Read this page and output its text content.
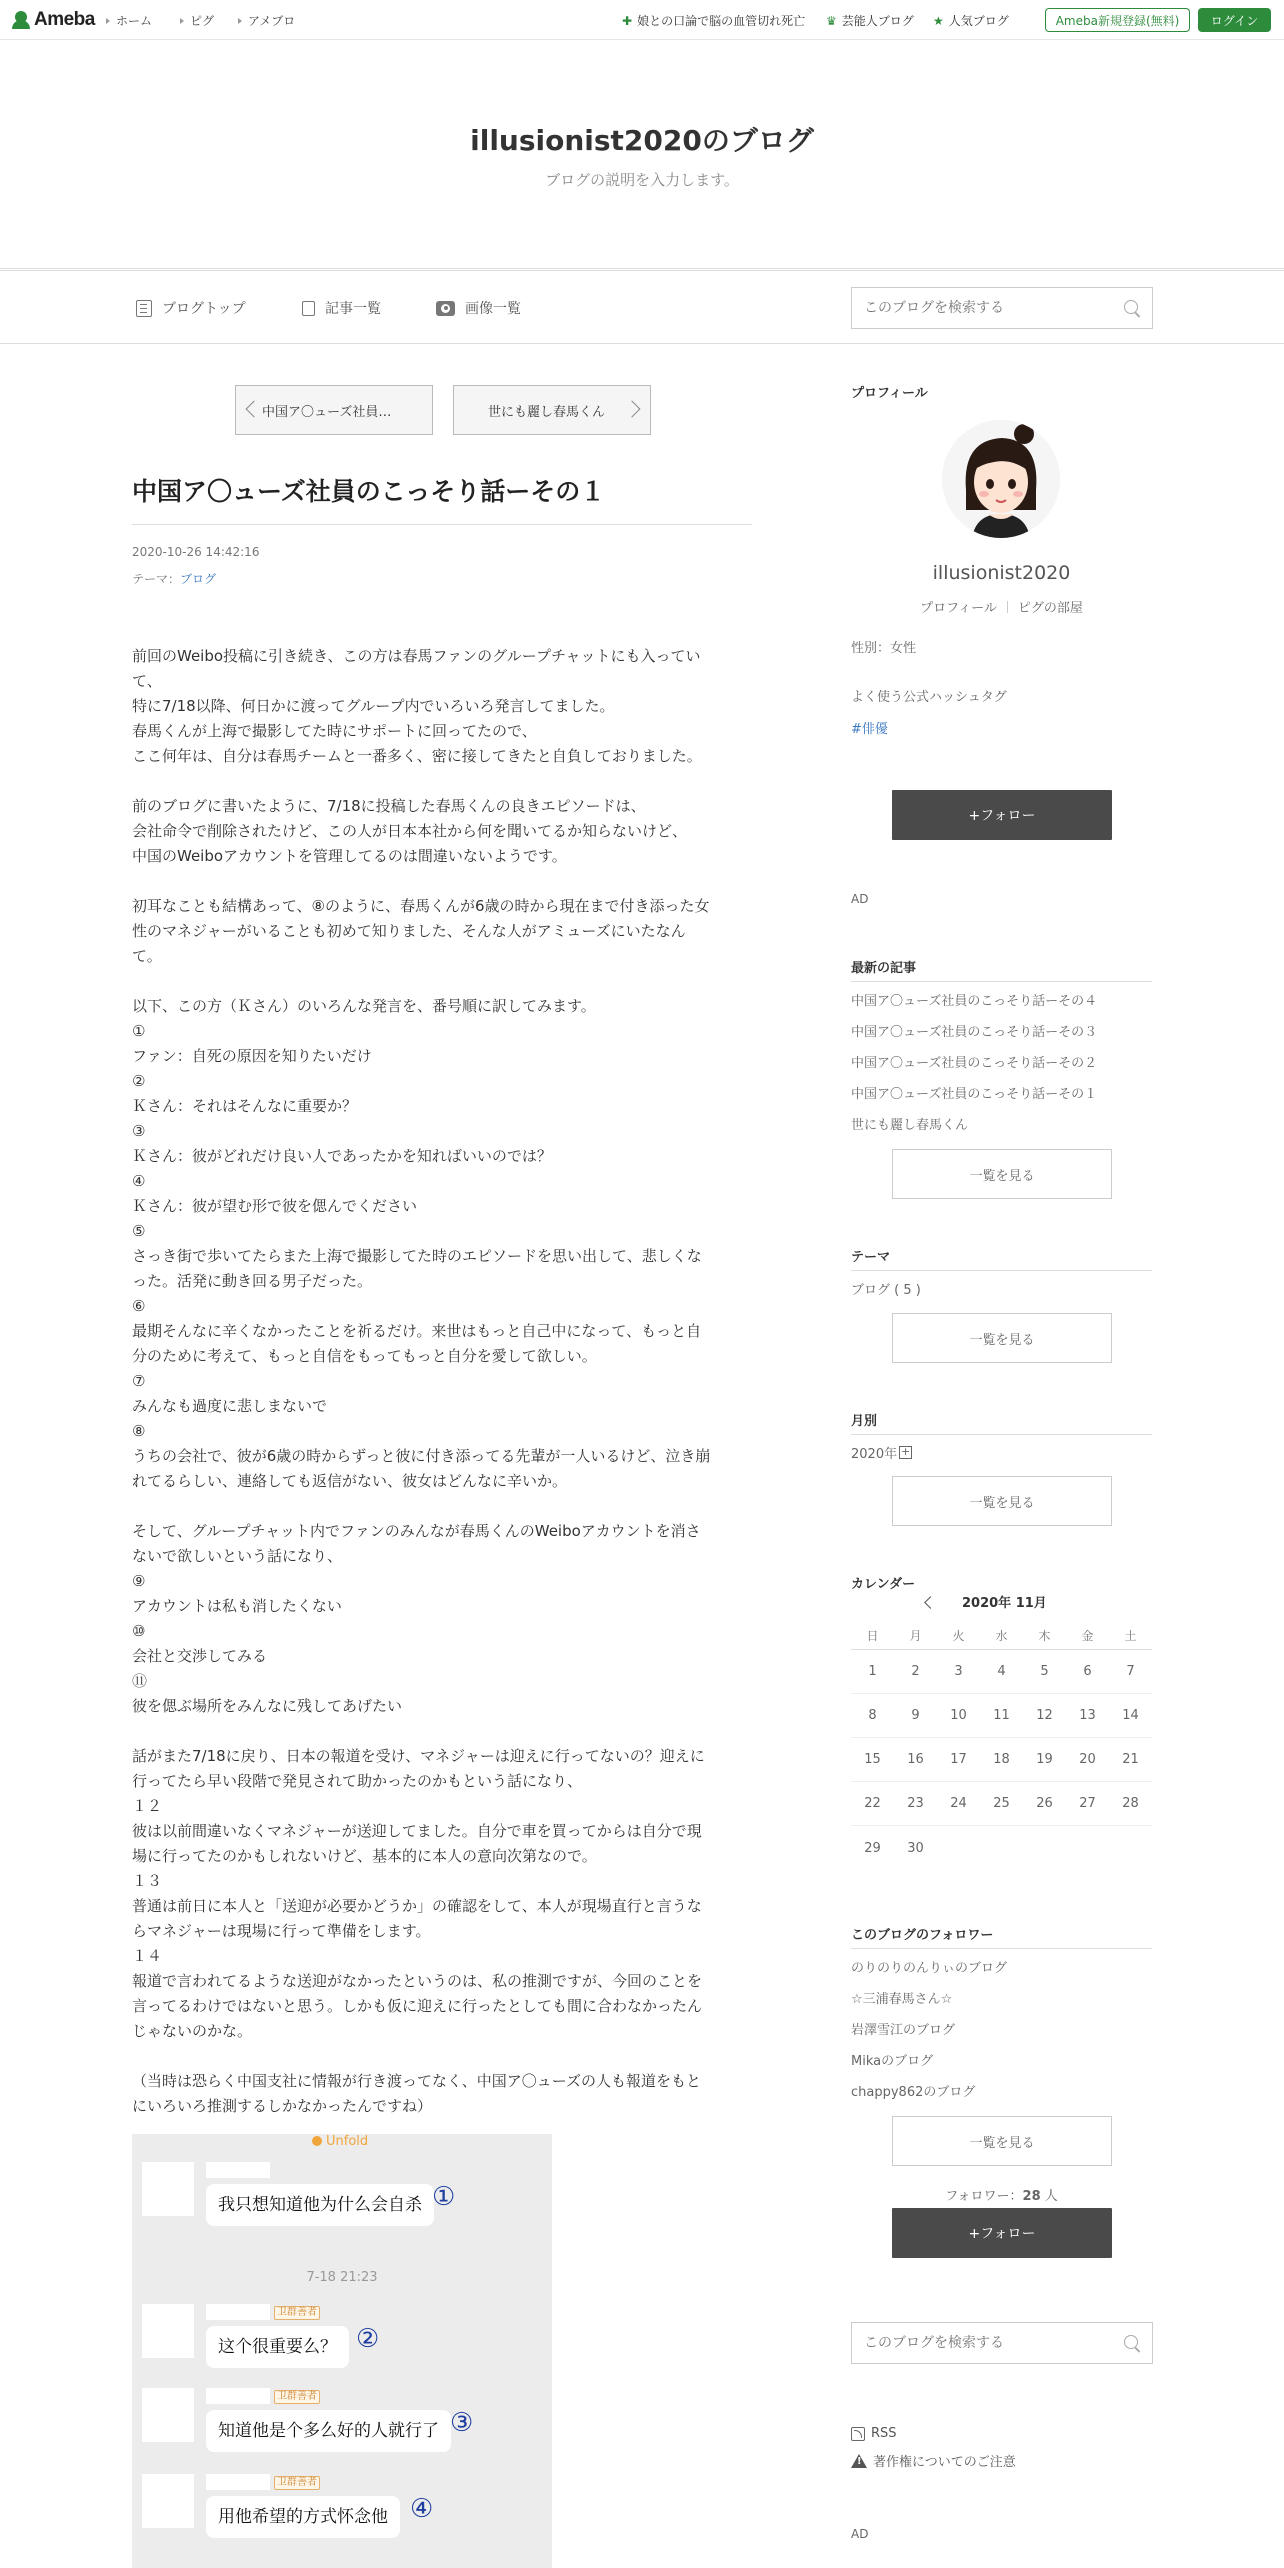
Ameba ホーム	ピグ	アメブロ	✚ 娘との口論で脳の血管切れ死亡 ♛ 芸能人ブログ ★ 人気ブログ	Ameba新規登録(無料)	ログイン
illusionist2020のブログ
ブログの説明を入力します。
ブログトップ	記事一覧	画像一覧
このブログを検索する
中国ア〇ューズ社員…	世にも麗し春馬くん
中国ア〇ューズ社員のこっそり話ーその１
2020-10-26 14:42:16
テーマ：ブログ
前回のWeibo投稿に引き続き、この方は春馬ファンのグループチャットにも入ってい
て、
特に7/18以降、何日かに渡ってグループ内でいろいろ発言してました。
春馬くんが上海で撮影してた時にサポートに回ってたので、
ここ何年は、自分は春馬チームと一番多く、密に接してきたと自負しておりました。
前のブログに書いたように、7/18に投稿した春馬くんの良きエピソードは、
会社命令で削除されたけど、この人が日本本社から何を聞いてるか知らないけど、
中国のWeiboアカウントを管理してるのは間違いないようです。
初耳なことも結構あって、⑧のように、春馬くんが6歳の時から現在まで付き添った女
性のマネジャーがいることも初めて知りました、そんな人がアミューズにいたなん
て。
以下、この方（Ｋさん）のいろんな発言を、番号順に訳してみます。
①
ファン：自死の原因を知りたいだけ
②
Ｋさん：それはそんなに重要か？
③
Ｋさん：彼がどれだけ良い人であったかを知ればいいのでは？
④
Ｋさん：彼が望む形で彼を偲んでください
⑤
さっき街で歩いてたらまた上海で撮影してた時のエピソードを思い出して、悲しくな
った。活発に動き回る男子だった。
⑥
最期そんなに辛くなかったことを祈るだけ。来世はもっと自己中になって、もっと自
分のために考えて、もっと自信をもってもっと自分を愛して欲しい。
⑦
みんなも過度に悲しまないで
⑧
うちの会社で、彼が6歳の時からずっと彼に付き添ってる先輩が一人いるけど、泣き崩
れてるらしい、連絡しても返信がない、彼女はどんなに辛いか。
そして、グループチャット内でファンのみんなが春馬くんのWeiboアカウントを消さ
ないで欲しいという話になり、
⑨
アカウントは私も消したくない
⑩
会社と交渉してみる
⑪
彼を偲ぶ場所をみんなに残してあげたい
話がまた7/18に戻り、日本の報道を受け、マネジャーは迎えに行ってないの？迎えに
行ってたら早い段階で発見されて助かったのかもという話になり、
１２
彼は以前間違いなくマネジャーが送迎してました。自分で車を買ってからは自分で現
場に行ってたのかもしれないけど、基本的に本人の意向次第なので。
１３
普通は前日に本人と「送迎が必要かどうか」の確認をして、本人が現場直行と言うな
らマネジャーは現場に行って準備をします。
１４
報道で言われてるような送迎がなかったというのは、私の推測ですが、今回のことを
言ってるわけではないと思う。しかも仮に迎えに行ったとしても間に合わなかったん
じゃないのかな。
（当時は恐らく中国支社に情報が行き渡ってなく、中国ア〇ューズの人も報道をもと
にいろいろ推測するしかなかったんですね）
Unfold
我只想知道他为什么会自杀 ①
7-18 21:23
卫群善者
这个很重要么？ ②
卫群善者
知道他是个多么好的人就行了 ③
卫群善者
用他希望的方式怀念他 ④
プロフィール
illusionist2020
プロフィール ピグの部屋
性別：女性
よく使う公式ハッシュタグ
#俳優
+フォロー
AD
最新の記事
中国ア〇ューズ社員のこっそり話ーその４
中国ア〇ューズ社員のこっそり話ーその３
中国ア〇ューズ社員のこっそり話ーその２
中国ア〇ューズ社員のこっそり話ーその１
世にも麗し春馬くん
一覧を見る
テーマ
ブログ ( 5 )
一覧を見る
月別
2020年 +
一覧を見る
カレンダー
2020年 11月
日	月	火	水	木	金	土
1	2	3	4	5	6	7
8	9	10	11	12	13	14
15	16	17	18	19	20	21
22	23	24	25	26	27	28
29	30
このブログのフォロワー
のりのりのんりぃのブログ
☆三浦春馬さん☆
岩澤雪江のブログ
Mikaのブログ
chappy862のブログ
一覧を見る
フォロワー：28 人
+フォロー
このブログを検索する
RSS
!
著作権についてのご注意
AD
